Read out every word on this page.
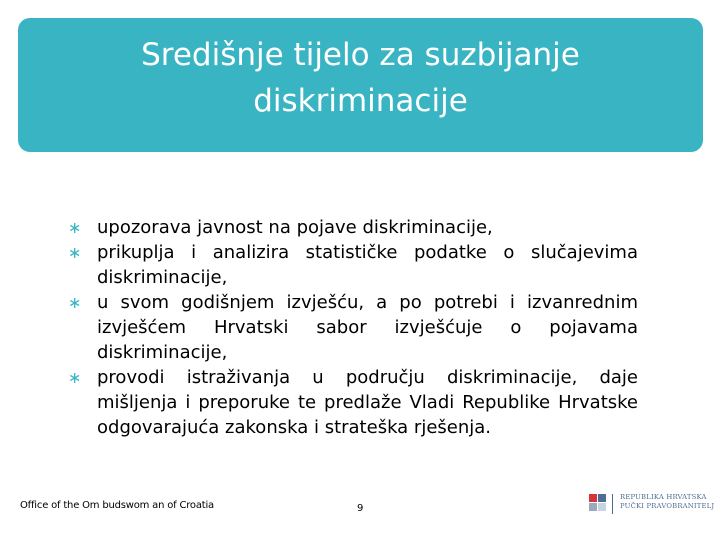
Središnje tijelo za suzbijanje
diskriminacije
∗ upozorava javnost na pojave diskriminacije,
∗ prikuplja i analizira statističke podatke o slučajevima diskriminacije,
∗ u svom godišnjem izvješću, a po potrebi i izvanrednim izvješćem Hrvatski sabor izvješćuje o pojavama diskriminacije,
∗ provodi istraživanja u području diskriminacije, daje mišljenja i preporuke te predlaže Vladi Republike Hrvatske odgovarajuća zakonska i strateška rješenja.
Office of the Om budswom an of Croatia	9
REPUBLIKA HRVATSKA
PUČKI PRAVOBRANITELJ
